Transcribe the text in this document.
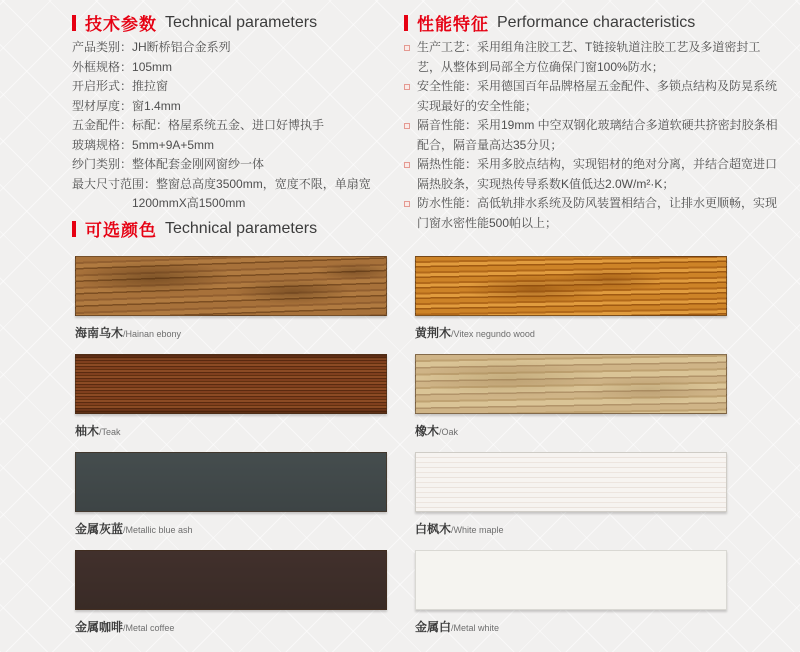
技术参数 Technical parameters
产品类别：JH断桥铝合金系列
外框规格：105mm
开启形式：推拉窗
型材厚度：窗1.4mm
五金配件：标配：格屋系统五金、进口好博执手
玻璃规格：5mm+9A+5mm
纱门类别：整体配套金刚网窗纱一体
最大尺寸范围：整窗总高度3500mm，宽度不限，单扇宽
1200mmX高1500mm
性能特征 Performance characteristics
生产工艺：采用组角注胶工艺、T链接轨道注胶工艺及多道密封工艺，从整体到局部全方位确保门窗100%防水；
安全性能：采用德国百年品牌格屋五金配件、多锁点结构及防晃系统实现最好的安全性能；
隔音性能：采用19mm 中空双钢化玻璃结合多道软硬共挤密封胶条相配合，隔音量高达35分贝；
隔热性能：采用多胶点结构，实现铝材的绝对分离，并结合超宽进口隔热胶条，实现热传导系数K值低达2.0W/m²·K；
防水性能：高低轨排水系统及防风装置相结合，让排水更顺畅，实现门窗水密性能500帕以上；
可选颜色 Technical parameters
海南乌木/Hainan ebony	黄荆木/Vitex negundo wood
柚木/Teak	橡木/Oak
金属灰蓝/Metallic blue ash	白枫木/White maple
金属咖啡/Metal coffee	金属白/Metal white
